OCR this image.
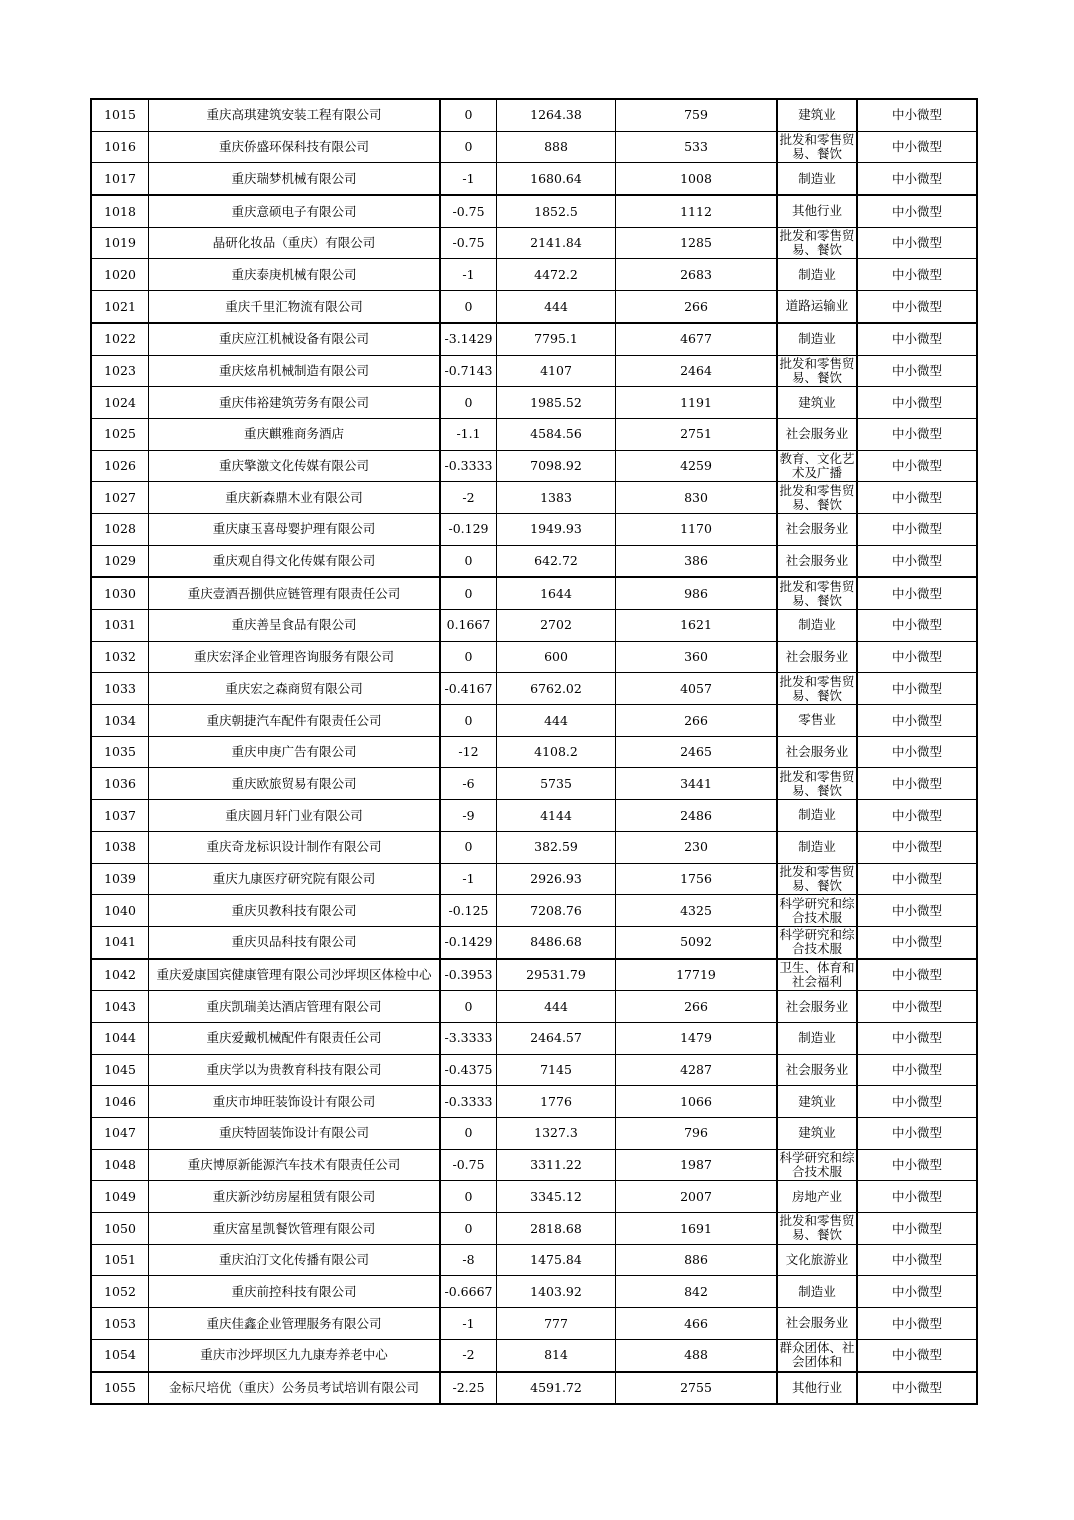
1015	重庆高琪建筑安装工程有限公司	0	1264.38	759	建筑业	中小微型
1016	重庆侨盛环保科技有限公司	0	888	533	批发和零售贸易、餐饮	中小微型
1017	重庆瑞梦机械有限公司	-1	1680.64	1008	制造业	中小微型
1018	重庆意硕电子有限公司	-0.75	1852.5	1112	其他行业	中小微型
1019	晶研化妆品（重庆）有限公司	-0.75	2141.84	1285	批发和零售贸易、餐饮	中小微型
1020	重庆泰庚机械有限公司	-1	4472.2	2683	制造业	中小微型
1021	重庆千里汇物流有限公司	0	444	266	道路运输业	中小微型
1022	重庆应江机械设备有限公司	-3.1429	7795.1	4677	制造业	中小微型
1023	重庆炫帛机械制造有限公司	-0.7143	4107	2464	批发和零售贸易、餐饮	中小微型
1024	重庆伟裕建筑劳务有限公司	0	1985.52	1191	建筑业	中小微型
1025	重庆麒雅商务酒店	-1.1	4584.56	2751	社会服务业	中小微型
1026	重庆擎激文化传媒有限公司	-0.3333	7098.92	4259	教育、文化艺术及广播	中小微型
1027	重庆新森鼎木业有限公司	-2	1383	830	批发和零售贸易、餐饮	中小微型
1028	重庆康玉喜母婴护理有限公司	-0.129	1949.93	1170	社会服务业	中小微型
1029	重庆观自得文化传媒有限公司	0	642.72	386	社会服务业	中小微型
1030	重庆壹酒吾捌供应链管理有限责任公司	0	1644	986	批发和零售贸易、餐饮	中小微型
1031	重庆善呈食品有限公司	0.1667	2702	1621	制造业	中小微型
1032	重庆宏泽企业管理咨询服务有限公司	0	600	360	社会服务业	中小微型
1033	重庆宏之森商贸有限公司	-0.4167	6762.02	4057	批发和零售贸易、餐饮	中小微型
1034	重庆朝捷汽车配件有限责任公司	0	444	266	零售业	中小微型
1035	重庆申庚广告有限公司	-12	4108.2	2465	社会服务业	中小微型
1036	重庆欧旅贸易有限公司	-6	5735	3441	批发和零售贸易、餐饮	中小微型
1037	重庆圆月轩门业有限公司	-9	4144	2486	制造业	中小微型
1038	重庆奇龙标识设计制作有限公司	0	382.59	230	制造业	中小微型
1039	重庆九康医疗研究院有限公司	-1	2926.93	1756	批发和零售贸易、餐饮	中小微型
1040	重庆贝教科技有限公司	-0.125	7208.76	4325	科学研究和综合技术服	中小微型
1041	重庆贝品科技有限公司	-0.1429	8486.68	5092	科学研究和综合技术服	中小微型
1042	重庆爱康国宾健康管理有限公司沙坪坝区体检中心	-0.3953	29531.79	17719	卫生、体育和社会福利	中小微型
1043	重庆凯瑞美达酒店管理有限公司	0	444	266	社会服务业	中小微型
1044	重庆爱戴机械配件有限责任公司	-3.3333	2464.57	1479	制造业	中小微型
1045	重庆学以为贵教育科技有限公司	-0.4375	7145	4287	社会服务业	中小微型
1046	重庆市坤旺装饰设计有限公司	-0.3333	1776	1066	建筑业	中小微型
1047	重庆特固装饰设计有限公司	0	1327.3	796	建筑业	中小微型
1048	重庆博原新能源汽车技术有限责任公司	-0.75	3311.22	1987	科学研究和综合技术服	中小微型
1049	重庆新沙纺房屋租赁有限公司	0	3345.12	2007	房地产业	中小微型
1050	重庆富星凯餐饮管理有限公司	0	2818.68	1691	批发和零售贸易、餐饮	中小微型
1051	重庆泊汀文化传播有限公司	-8	1475.84	886	文化旅游业	中小微型
1052	重庆前控科技有限公司	-0.6667	1403.92	842	制造业	中小微型
1053	重庆佳鑫企业管理服务有限公司	-1	777	466	社会服务业	中小微型
1054	重庆市沙坪坝区九九康寿养老中心	-2	814	488	群众团体、社会团体和	中小微型
1055	金标尺培优（重庆）公务员考试培训有限公司	-2.25	4591.72	2755	其他行业	中小微型
